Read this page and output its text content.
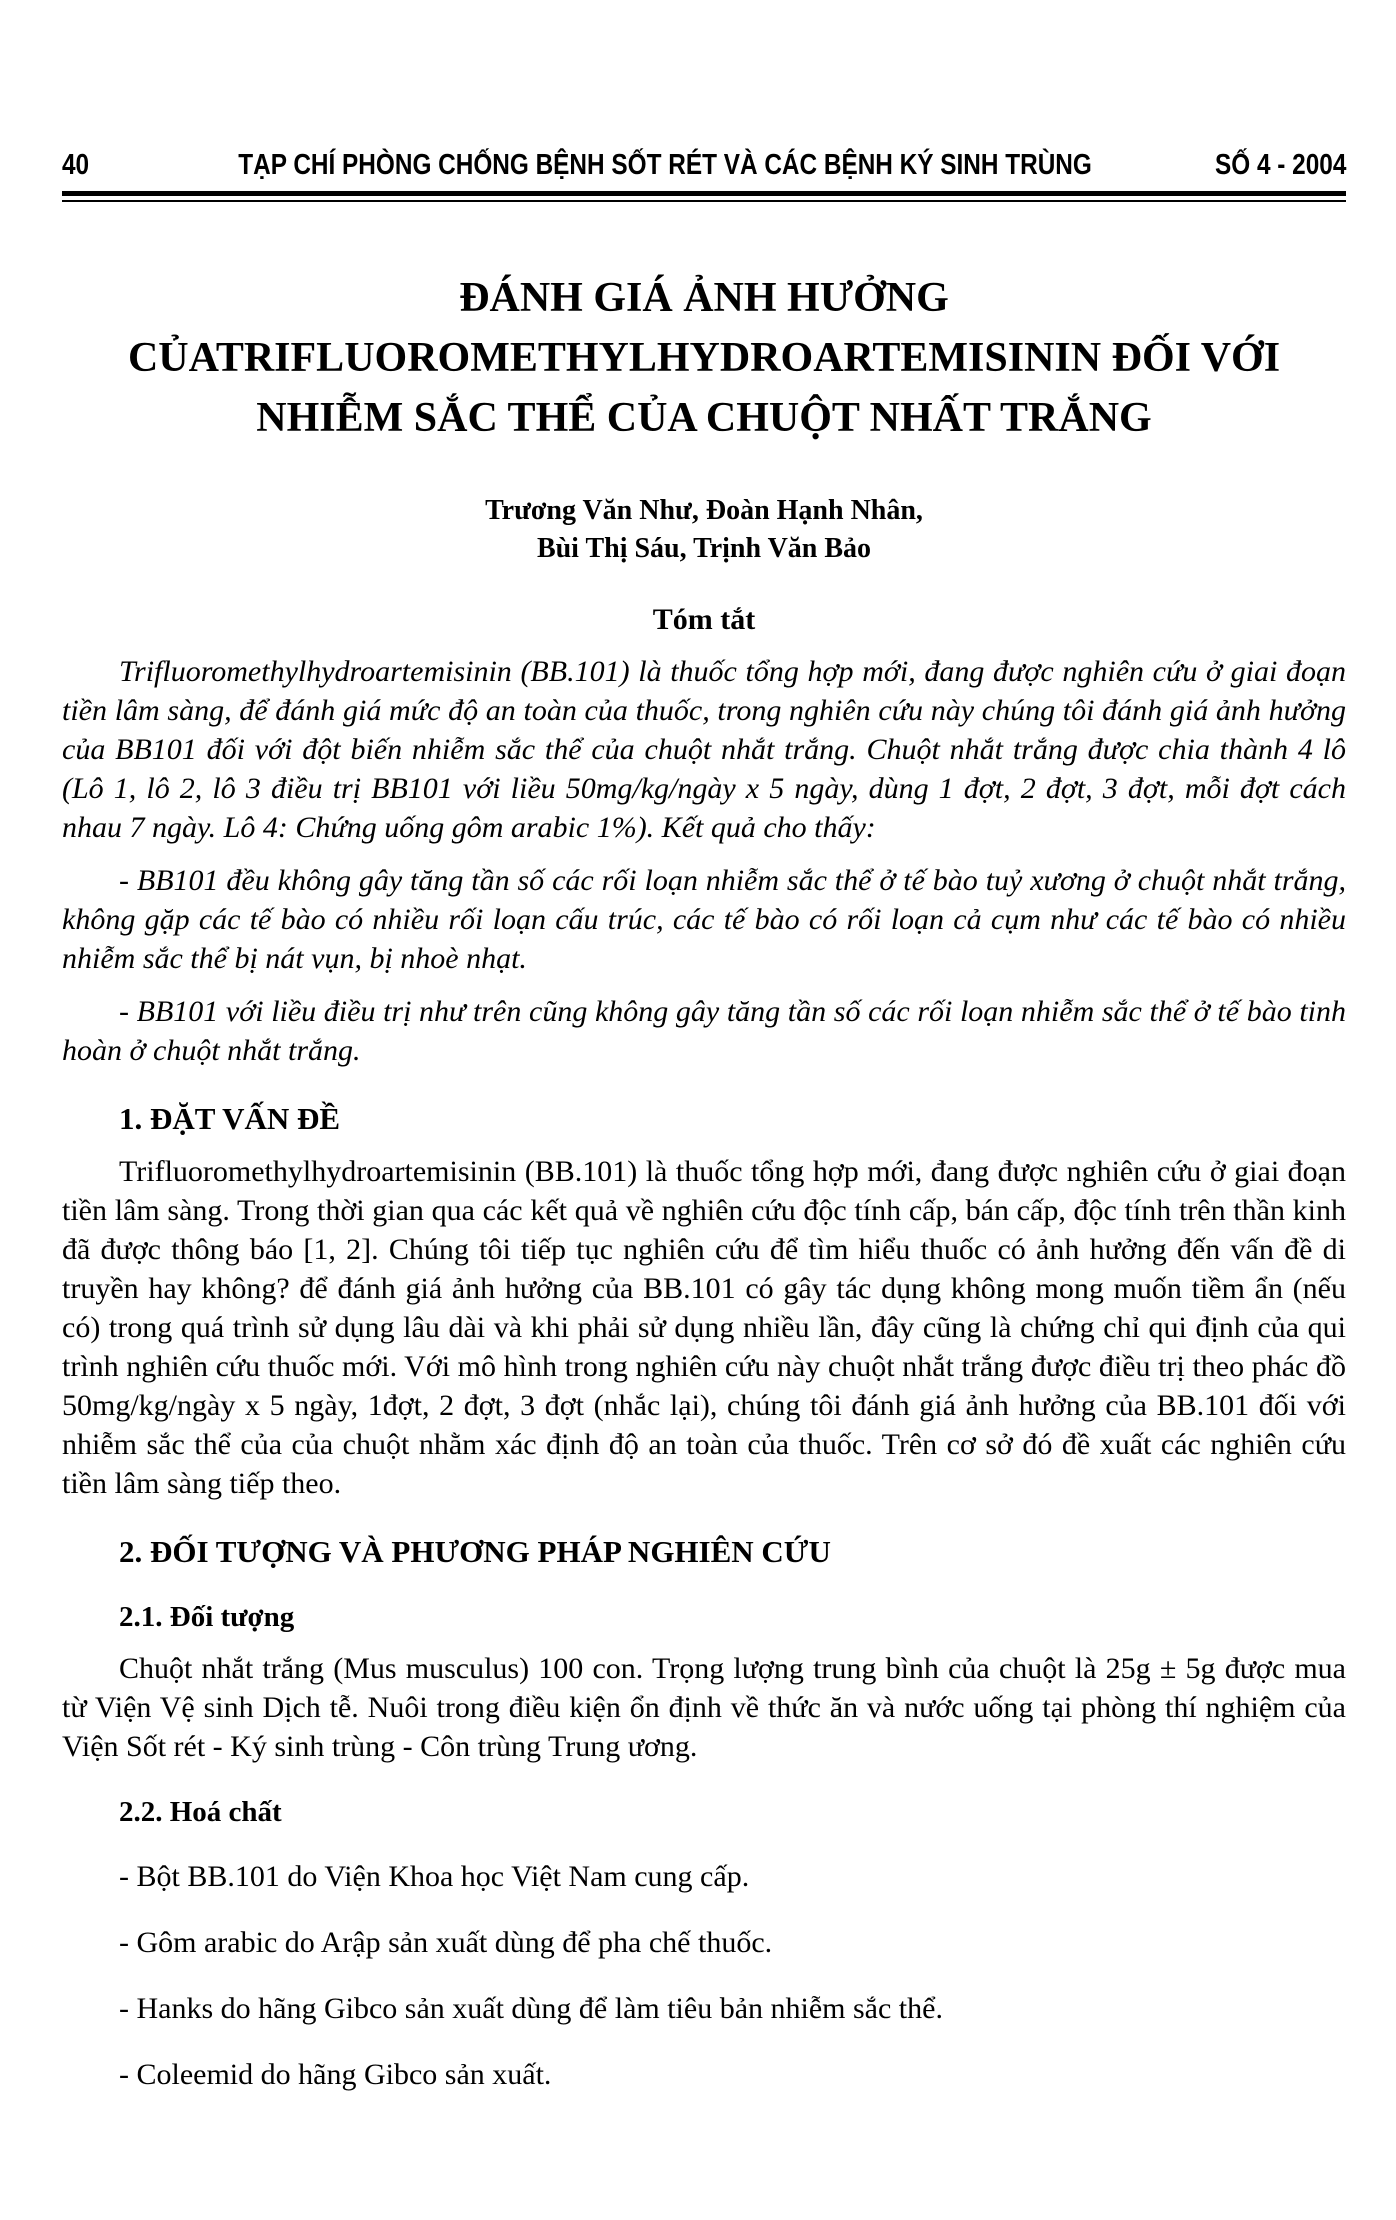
40	TẠP CHÍ PHÒNG CHỐNG BỆNH SỐT RÉT VÀ CÁC BỆNH KÝ SINH TRÙNG	SỐ 4 - 2004
ĐÁNH GIÁ ẢNH HƯỞNG
CỦATRIFLUOROMETHYLHYDROARTEMISININ ĐỐI VỚI
NHIỄM SẮC THỂ CỦA CHUỘT NHẤT TRẮNG
Trương Văn Như, Đoàn Hạnh Nhân,
Bùi Thị Sáu, Trịnh Văn Bảo
Tóm tắt

Trifluoromethylhydroartemisinin (BB.101) là thuốc tổng hợp mới, đang được nghiên cứu ở giai đoạn tiền lâm sàng, để đánh giá mức độ an toàn của thuốc, trong nghiên cứu này chúng tôi đánh giá ảnh hưởng của BB101 đối với đột biến nhiễm sắc thể của chuột nhắt trắng. Chuột nhắt trắng được chia thành 4 lô (Lô 1, lô 2, lô 3 điều trị BB101 với liều 50mg/kg/ngày x 5 ngày, dùng 1 đợt, 2 đợt, 3 đợt, mỗi đợt cách nhau 7 ngày. Lô 4: Chứng uống gôm arabic 1%). Kết quả cho thấy:

- BB101 đều không gây tăng tần số các rối loạn nhiễm sắc thể ở tế bào tuỷ xương ở chuột nhắt trắng, không gặp các tế bào có nhiều rối loạn cấu trúc, các tế bào có rối loạn cả cụm như các tế bào có nhiều nhiễm sắc thể bị nát vụn, bị nhoè nhạt.

- BB101 với liều điều trị như trên cũng không gây tăng tần số các rối loạn nhiễm sắc thể ở tế bào tinh hoàn ở chuột nhắt trắng.

1. ĐẶT VẤN ĐỀ

Trifluoromethylhydroartemisinin (BB.101) là thuốc tổng hợp mới, đang được nghiên cứu ở giai đoạn tiền lâm sàng. Trong thời gian qua các kết quả về nghiên cứu độc tính cấp, bán cấp, độc tính trên thần kinh đã được thông báo [1, 2]. Chúng tôi tiếp tục nghiên cứu để tìm hiểu thuốc có ảnh hưởng đến vấn đề di truyền hay không? để đánh giá ảnh hưởng của BB.101 có gây tác dụng không mong muốn tiềm ẩn (nếu có) trong quá trình sử dụng lâu dài và khi phải sử dụng nhiều lần, đây cũng là chứng chỉ qui định của qui trình nghiên cứu thuốc mới. Với mô hình trong nghiên cứu này chuột nhắt trắng được điều trị theo phác đồ 50mg/kg/ngày x 5 ngày, 1đợt, 2 đợt, 3 đợt (nhắc lại), chúng tôi đánh giá ảnh hưởng của BB.101 đối với nhiễm sắc thể của của chuột nhằm xác định độ an toàn của thuốc. Trên cơ sở đó đề xuất các nghiên cứu tiền lâm sàng tiếp theo.

2. ĐỐI TƯỢNG VÀ PHƯƠNG PHÁP NGHIÊN CỨU
2.1. Đối tượng

Chuột nhắt trắng (Mus musculus) 100 con. Trọng lượng trung bình của chuột là 25g ± 5g được mua từ Viện Vệ sinh Dịch tễ. Nuôi trong điều kiện ổn định về thức ăn và nước uống tại phòng thí nghiệm của Viện Sốt rét - Ký sinh trùng - Côn trùng Trung ương.

2.2. Hoá chất

- Bột BB.101 do Viện Khoa học Việt Nam cung cấp.

- Gôm arabic do Arập sản xuất dùng để pha chế thuốc.

- Hanks do hãng Gibco sản xuất dùng để làm tiêu bản nhiễm sắc thể.

- Coleemid do hãng Gibco sản xuất.
